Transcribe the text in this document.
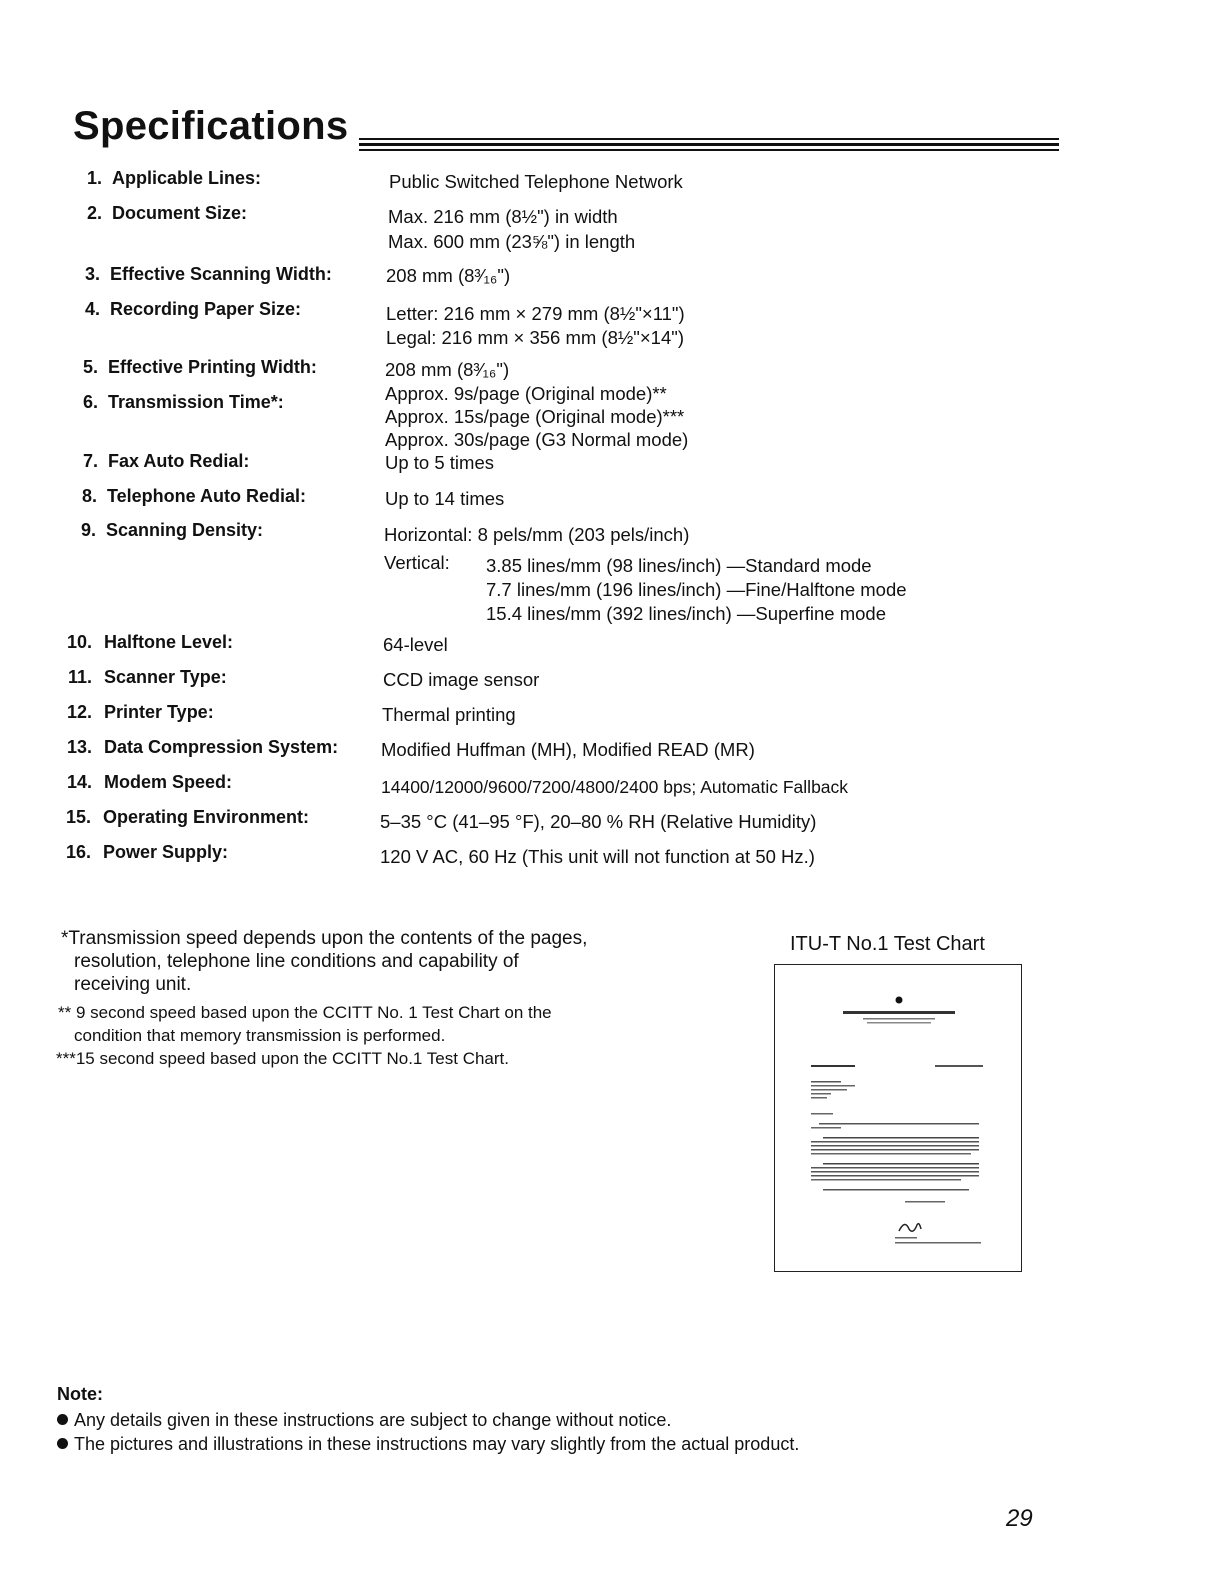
Specifications
1. Applicable Lines:	Public Switched Telephone Network
2. Document Size:	Max. 216 mm (8½") in width
Max. 600 mm (23⅝") in length
3. Effective Scanning Width:	208 mm (8³⁄₁₆")
4. Recording Paper Size:	Letter: 216 mm × 279 mm (8½"×11")
Legal: 216 mm × 356 mm (8½"×14")
5. Effective Printing Width:	208 mm (8³⁄₁₆")
6. Transmission Time*:	Approx. 9s/page (Original mode)**
Approx. 15s/page (Original mode)***
Approx. 30s/page (G3 Normal mode)
7. Fax Auto Redial:	Up to 5 times
8. Telephone Auto Redial:	Up to 14 times
9. Scanning Density:	Horizontal: 8 pels/mm (203 pels/inch)
Vertical: 3.85 lines/mm (98 lines/inch) —Standard mode
7.7 lines/mm (196 lines/inch) —Fine/Halftone mode
15.4 lines/mm (392 lines/inch) —Superfine mode
10. Halftone Level:	64-level
11. Scanner Type:	CCD image sensor
12. Printer Type:	Thermal printing
13. Data Compression System: Modified Huffman (MH), Modified READ (MR)
14. Modem Speed:	14400/12000/9600/7200/4800/2400 bps; Automatic Fallback
15. Operating Environment:	5–35 °C (41–95 °F), 20–80 % RH (Relative Humidity)
16. Power Supply:	120 V AC, 60 Hz (This unit will not function at 50 Hz.)
*Transmission speed depends upon the contents of the pages,
resolution, telephone line conditions and capability of
receiving unit.
** 9 second speed based upon the CCITT No. 1 Test Chart on the
condition that memory transmission is performed.
***15 second speed based upon the CCITT No.1 Test Chart.
ITU-T No.1 Test Chart
Note:
Any details given in these instructions are subject to change without notice.
The pictures and illustrations in these instructions may vary slightly from the actual product.
29
